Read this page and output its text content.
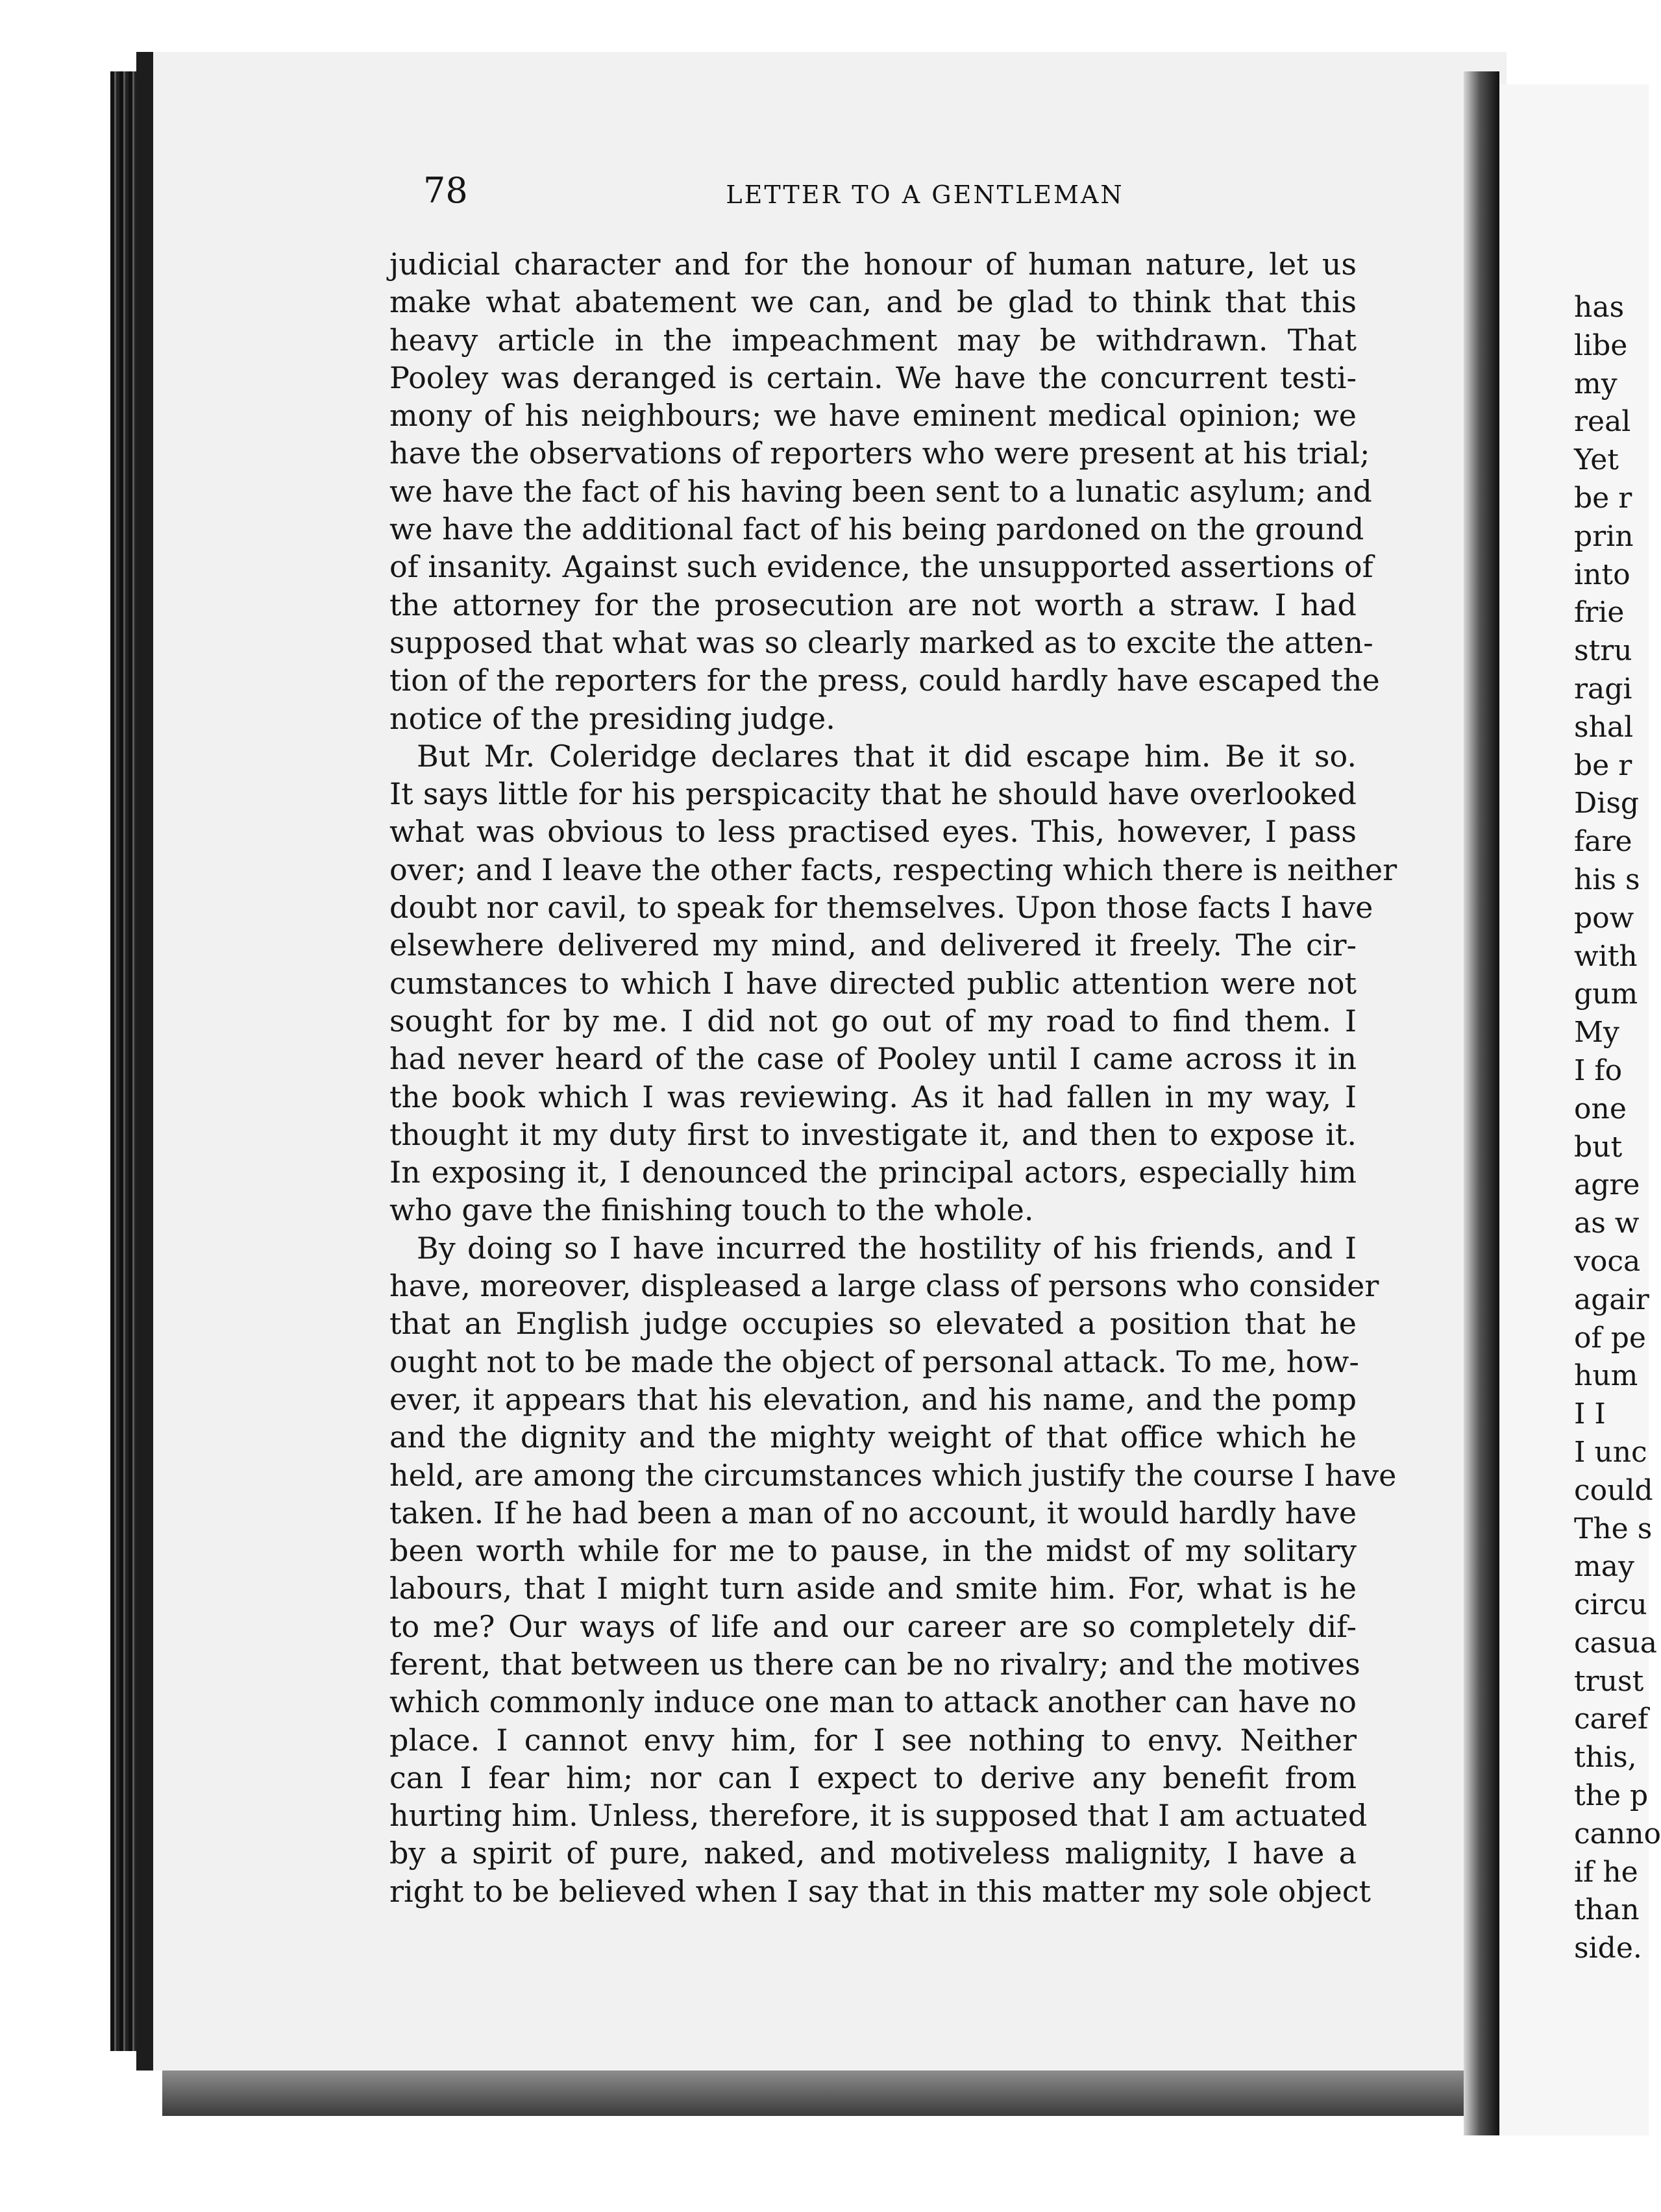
78	LETTER TO A GENTLEMAN
judicial character and for the honour of human nature, let us
make what abatement we can, and be glad to think that this
heavy article in the impeachment may be withdrawn. That
Pooley was deranged is certain. We have the concurrent testi-
mony of his neighbours; we have eminent medical opinion; we
have the observations of reporters who were present at his trial;
we have the fact of his having been sent to a lunatic asylum; and
we have the additional fact of his being pardoned on the ground
of insanity. Against such evidence, the unsupported assertions of
the attorney for the prosecution are not worth a straw. I had
supposed that what was so clearly marked as to excite the atten-
tion of the reporters for the press, could hardly have escaped the
notice of the presiding judge.
But Mr. Coleridge declares that it did escape him. Be it so.
It says little for his perspicacity that he should have overlooked
what was obvious to less practised eyes. This, however, I pass
over; and I leave the other facts, respecting which there is neither
doubt nor cavil, to speak for themselves. Upon those facts I have
elsewhere delivered my mind, and delivered it freely. The cir-
cumstances to which I have directed public attention were not
sought for by me. I did not go out of my road to find them. I
had never heard of the case of Pooley until I came across it in
the book which I was reviewing. As it had fallen in my way, I
thought it my duty first to investigate it, and then to expose it.
In exposing it, I denounced the principal actors, especially him
who gave the finishing touch to the whole.
By doing so I have incurred the hostility of his friends, and I
have, moreover, displeased a large class of persons who consider
that an English judge occupies so elevated a position that he
ought not to be made the object of personal attack. To me, how-
ever, it appears that his elevation, and his name, and the pomp
and the dignity and the mighty weight of that office which he
held, are among the circumstances which justify the course I have
taken. If he had been a man of no account, it would hardly have
been worth while for me to pause, in the midst of my solitary
labours, that I might turn aside and smite him. For, what is he
to me? Our ways of life and our career are so completely dif-
ferent, that between us there can be no rivalry; and the motives
which commonly induce one man to attack another can have no
place. I cannot envy him, for I see nothing to envy. Neither
can I fear him; nor can I expect to derive any benefit from
hurting him. Unless, therefore, it is supposed that I am actuated
by a spirit of pure, naked, and motiveless malignity, I have a
right to be believed when I say that in this matter my sole object
has
libe
my
real
Yet
be r
prin
into
frie
stru
ragi
shal
be r
Disg
fare
his s
pow
with
gum
My
I fo
one
but
agre
as w
voca
agair
of pe
hum
I I
I unc
could
The s
may
circu
casua
trust
caref
this,
the p
canno
if he
than
side.
